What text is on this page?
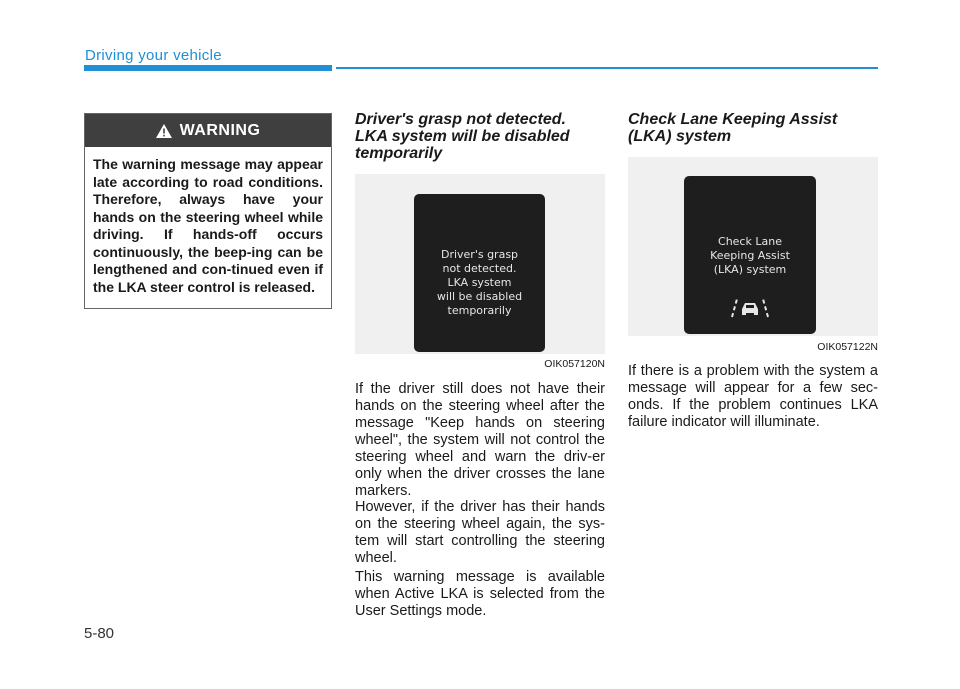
Driving your vehicle
WARNING
The warning message may appear late according to road conditions. Therefore, always have your hands on the steering wheel while driving. If hands-off occurs continuously, the beep-ing can be lengthened and con-tinued even if the LKA steer control is released.
Driver's grasp not detected.
LKA system will be disabled
temporarily

Driver's grasp
not detected.
LKA system
will be disabled
temporarily

OIK057120N
If the driver still does not have their hands on the steering wheel after the message "Keep hands on steering wheel", the system will not control the steering wheel and warn the driv-er only when the driver crosses the lane markers.
However, if the driver has their hands on the steering wheel again, the sys-tem will start controlling the steering wheel.
This warning message is available when Active LKA is selected from the User Settings mode.
Check Lane Keeping Assist
(LKA) system

Check Lane
Keeping Assist
(LKA) system

OIK057122N
If there is a problem with the system a message will appear for a few sec-onds. If the problem continues LKA failure indicator will illuminate.
5-80
